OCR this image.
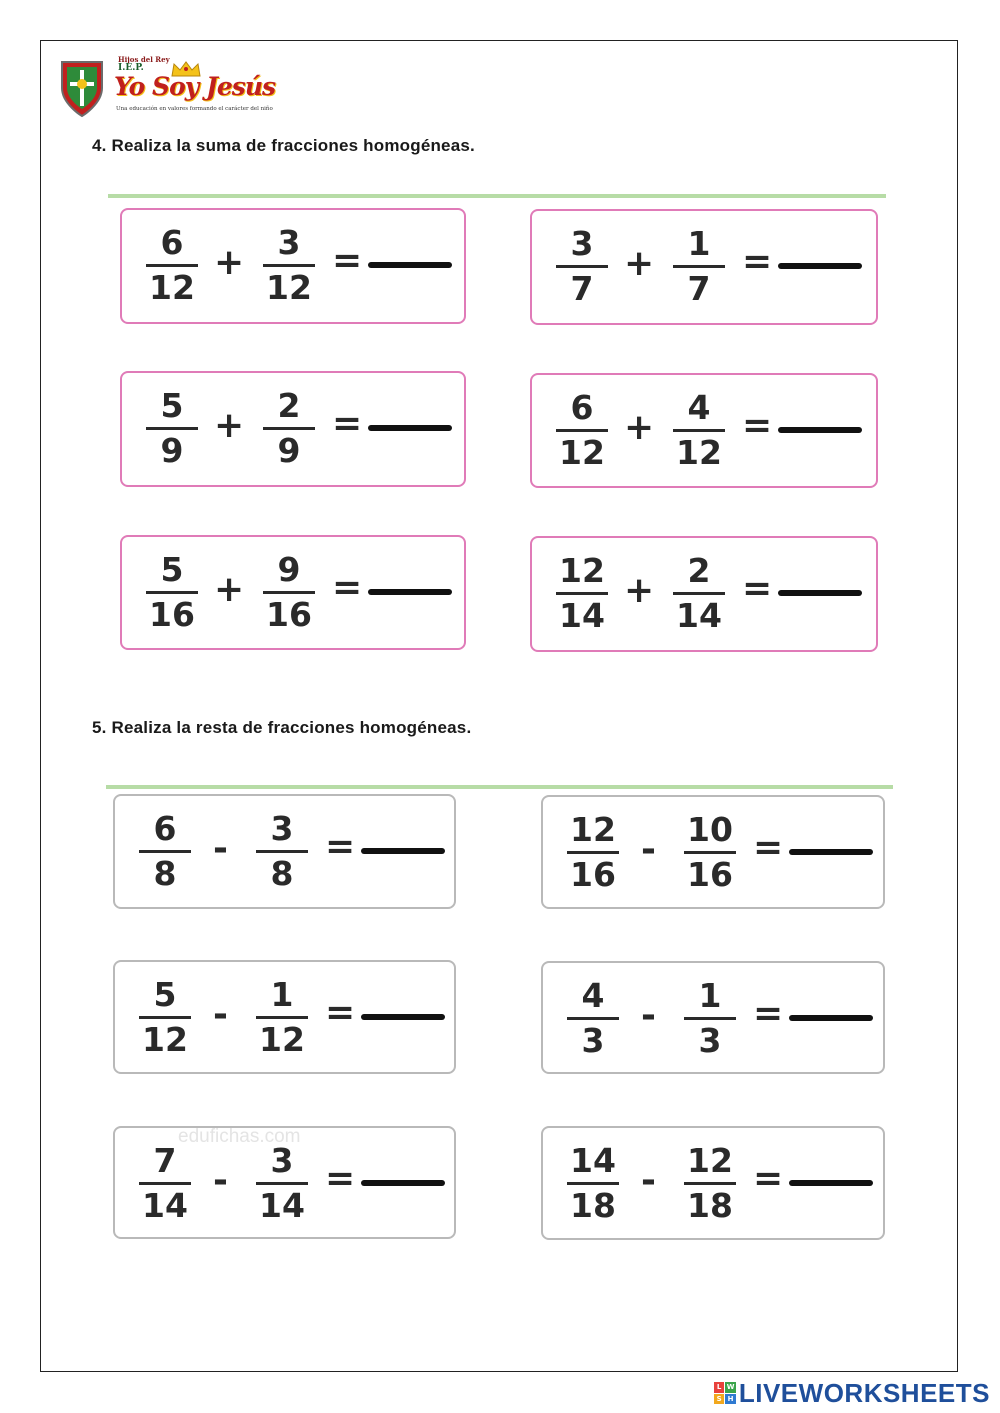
Hijos del Rey
I.E.P.
Yo Soy Jesús
Una educación en valores formando el carácter del niño
4. Realiza la suma de fracciones homogéneas.
6
12
+	3
12
=	3
7
+	1
7
=
5
9
+	2
9
=	6
12
+	4
12
=
5
16
+	9
16
=	12
14
+	2
14
=
5. Realiza la resta de fracciones homogéneas.
6
8
-	3
8
=	12
16
- 10
16
=
5
12
-	1
12
=	4
3
-	1
3
=
7
14
-	3
14
=	14
18
- 12
18
=
edufichas.com
L W
S H LIVEWORKSHEETS
